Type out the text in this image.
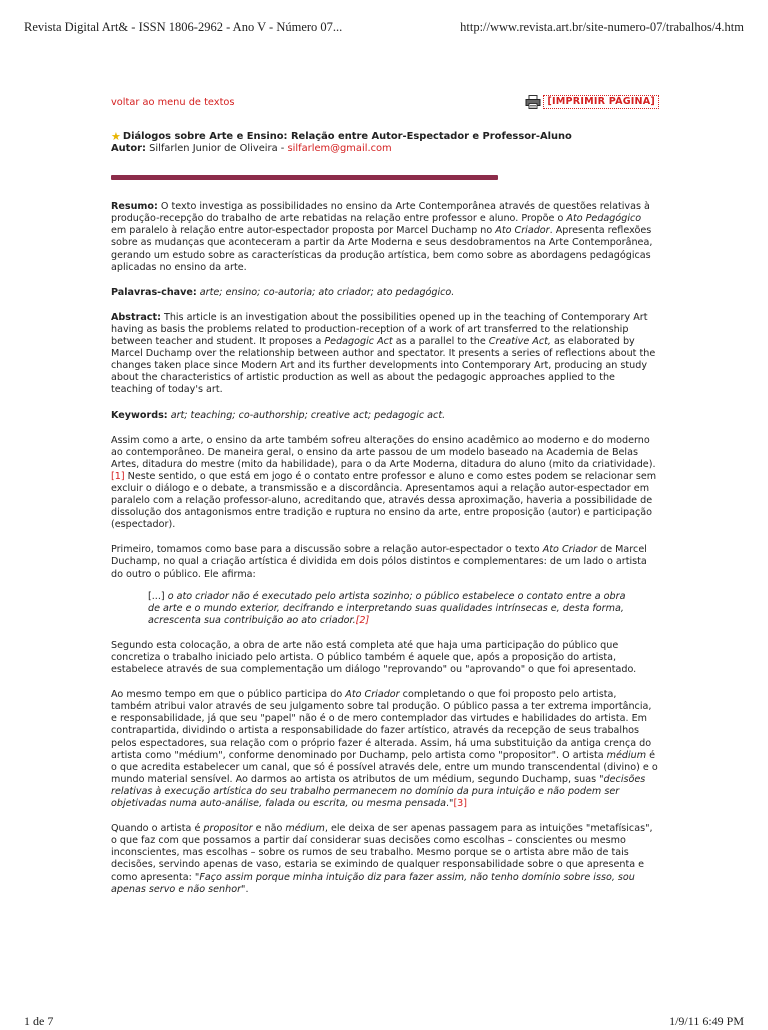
Revista Digital Art& - ISSN 1806-2962 - Ano V - Número 07...	http://www.revista.art.br/site-numero-07/trabalhos/4.htm
voltar ao menu de textos	[IMPRIMIR PÁGINA]
★ Diálogos sobre Arte e Ensino: Relação entre Autor-Espectador e Professor-Aluno
Autor: Silfarlen Junior de Oliveira - silfarlem@gmail.com

Resumo: O texto investiga as possibilidades no ensino da Arte Contemporânea através de questões relativas à produção-recepção do trabalho de arte rebatidas na relação entre professor e aluno. Propõe o Ato Pedagógico em paralelo à relação entre autor-espectador proposta por Marcel Duchamp no Ato Criador. Apresenta reflexões sobre as mudanças que aconteceram a partir da Arte Moderna e seus desdobramentos na Arte Contemporânea, gerando um estudo sobre as características da produção artística, bem como sobre as abordagens pedagógicas aplicadas no ensino da arte.

Palavras-chave: arte; ensino; co-autoria; ato criador; ato pedagógico.

Abstract: This article is an investigation about the possibilities opened up in the teaching of Contemporary Art having as basis the problems related to production-reception of a work of art transferred to the relationship between teacher and student. It proposes a Pedagogic Act as a parallel to the Creative Act, as elaborated by Marcel Duchamp over the relationship between author and spectator. It presents a series of reflections about the changes taken place since Modern Art and its further developments into Contemporary Art, producing an study about the characteristics of artistic production as well as about the pedagogic approaches applied to the teaching of today's art.

Keywords: art; teaching; co-authorship; creative act; pedagogic act.

Assim como a arte, o ensino da arte também sofreu alterações do ensino acadêmico ao moderno e do moderno ao contemporâneo. De maneira geral, o ensino da arte passou de um modelo baseado na Academia de Belas Artes, ditadura do mestre (mito da habilidade), para o da Arte Moderna, ditadura do aluno (mito da criatividade).[1] Neste sentido, o que está em jogo é o contato entre professor e aluno e como estes podem se relacionar sem excluir o diálogo e o debate, a transmissão e a discordância. Apresentamos aqui a relação autor-espectador em paralelo com a relação professor-aluno, acreditando que, através dessa aproximação, haveria a possibilidade de dissolução dos antagonismos entre tradição e ruptura no ensino da arte, entre proposição (autor) e participação (espectador).

Primeiro, tomamos como base para a discussão sobre a relação autor-espectador o texto Ato Criador de Marcel Duchamp, no qual a criação artística é dividida em dois pólos distintos e complementares: de um lado o artista do outro o público. Ele afirma:

[...] o ato criador não é executado pelo artista sozinho; o público estabelece o contato entre a obra de arte e o mundo exterior, decifrando e interpretando suas qualidades intrínsecas e, desta forma, acrescenta sua contribuição ao ato criador.[2]

Segundo esta colocação, a obra de arte não está completa até que haja uma participação do público que concretiza o trabalho iniciado pelo artista. O público também é aquele que, após a proposição do artista, estabelece através de sua complementação um diálogo "reprovando" ou "aprovando" o que foi apresentado.

Ao mesmo tempo em que o público participa do Ato Criador completando o que foi proposto pelo artista, também atribui valor através de seu julgamento sobre tal produção. O público passa a ter extrema importância, e responsabilidade, já que seu "papel" não é o de mero contemplador das virtudes e habilidades do artista. Em contrapartida, dividindo o artista a responsabilidade do fazer artístico, através da recepção de seus trabalhos pelos espectadores, sua relação com o próprio fazer é alterada. Assim, há uma substituição da antiga crença do artista como "médium", conforme denominado por Duchamp, pelo artista como "propositor". O artista médium é o que acredita estabelecer um canal, que só é possível através dele, entre um mundo transcendental (divino) e o mundo material sensível. Ao darmos ao artista os atributos de um médium, segundo Duchamp, suas "decisões relativas à execução artística do seu trabalho permanecem no domínio da pura intuição e não podem ser objetivadas numa auto-análise, falada ou escrita, ou mesma pensada."[3]

Quando o artista é propositor e não médium, ele deixa de ser apenas passagem para as intuições "metafísicas", o que faz com que possamos a partir daí considerar suas decisões como escolhas – conscientes ou mesmo inconscientes, mas escolhas – sobre os rumos de seu trabalho. Mesmo porque se o artista abre mão de tais decisões, servindo apenas de vaso, estaria se eximindo de qualquer responsabilidade sobre o que apresenta e como apresenta: "Faço assim porque minha intuição diz para fazer assim, não tenho domínio sobre isso, sou apenas servo e não senhor".

1 de 7	1/9/11 6:49 PM
